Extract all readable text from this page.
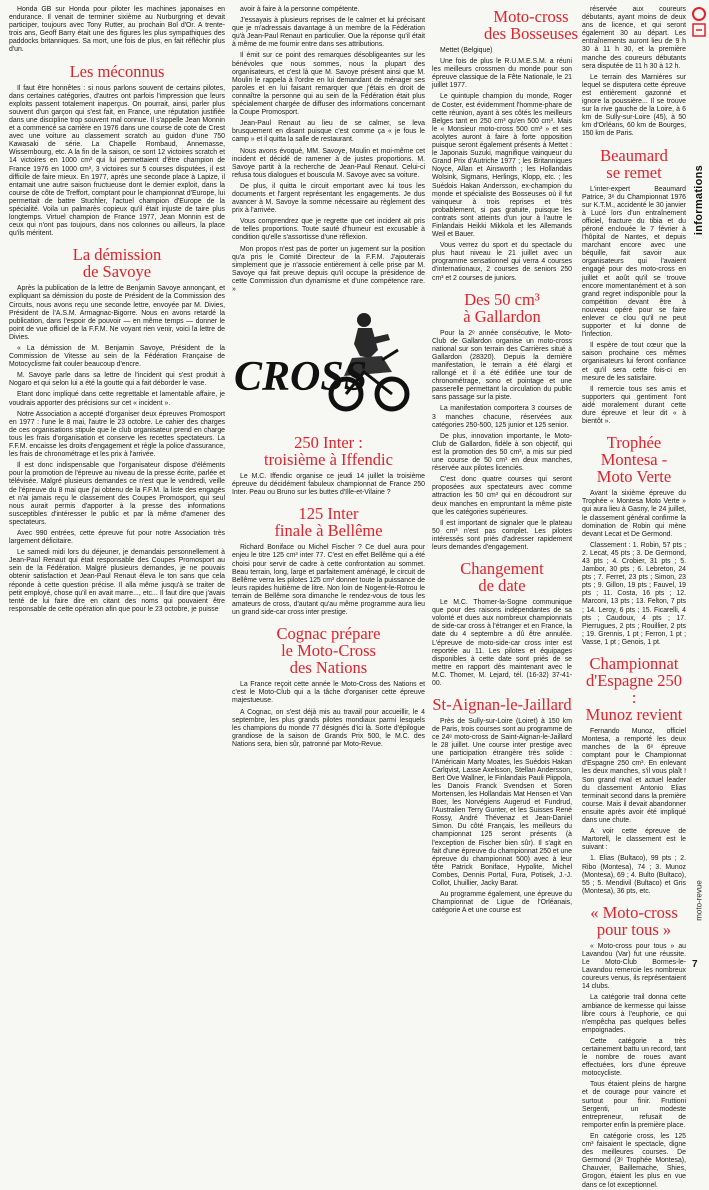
Honda GB sur Honda pour piloter les machines japonaises en endurance. Il venait de terminer sixième au Nurburgring et devait participer, toujours avec Tony Rutter, au prochain Bol d'Or. A trente-trois ans, Geoff Barry était une des figures les plus sympathiques des paddocks britanniques. Sa mort, une fois de plus, en fait réfléchir plus d'un.

Les méconnus

Il faut être honnêtes : si nous parlons souvent de certains pilotes, dans certaines catégories, d'autres ont parfois l'impression que leurs exploits passent totalement inaperçus. On pourrait, ainsi, parler plus souvent d'un garçon qui s'est fait, en France, une réputation justifiée dans une discipline trop souvent mal connue. Il s'appelle Jean Monnin et a commencé sa carrière en 1976 dans une course de cote de Crest avec une voiture au classement scratch au guidon d'une 750 Kawasaki de série. La Chapelle Rombaud, Annemasse, Wissembourg, etc. A la fin de la saison, ce sont 12 victoires scratch et 14 victoires en 1000 cm³ qui lui permettaient d'être champion de France 1976 en 1000 cm³, 3 victoires sur 5 courses disputées, il est difficile de faire mieux. En 1977, après une seconde place à Lapize, il entamait une autre saison fructueuse dont le dernier exploit, dans la course de côte de Treffort, comptant pour le championnat d'Europe, lui permettait de battre Stuchler, l'actuel champion d'Europe de la spécialité. Voila un palmarès copieux qu'il était injuste de taire plus longtemps. Virtuel champion de France 1977, Jean Monnin est de ceux qui n'ont pas toujours, dans nos colonnes ou ailleurs, la place qu'ils méritent.

La démission
de Savoye

Après la publication de la lettre de Benjamin Savoye annonçant, et expliquant sa démission du poste de Président de la Commission des Circuits, nous avons reçu une seconde lettre, envoyée par M. Divies, Président de l'A.S.M. Armagnac-Bigorre. Nous en avons retardé la publication, dans l'espoir de pouvoir — en même temps — donner le point de vue officiel de la F.F.M. Ne voyant rien venir, voici la lettre de Divies.

« La démission de M. Benjamin Savoye, Président de la Commission de Vitesse au sein de la Fédération Française de Motocyclisme fait couler beaucoup d'encre.

M. Savoye parle dans sa lettre de l'incident qui s'est produit à Nogaro et qui selon lui a été la goutte qui a fait déborder le vase.

Etant donc impliqué dans cette regrettable et lamentable affaire, je voudrais apporter des précisions sur cet « incident ».

Notre Association a accepté d'organiser deux épreuves Promosport en 1977 : l'une le 8 mai, l'autre le 23 octobre. Le cahier des charges de ces organisations stipule que le club organisateur prend en charge tous les frais d'organisation et conserve les recettes spectateurs. La F.F.M. encaisse les droits d'engagement et règle la police d'assurance, les frais de chronométrage et les prix à l'arrivée.

Il est donc indispensable que l'organisateur dispose d'éléments pour la promotion de l'épreuve au niveau de la presse écrite, parlée et télévisée. Malgré plusieurs demandes ce n'est que le vendredi, veille de l'épreuve du 8 mai que j'ai obtenu de la F.F.M. la liste des engagés et n'ai jamais reçu le classement des Coupes Promosport, qui seul nous aurait permis d'apporter à la presse des informations susceptibles d'intéresser le public et par là même d'amener des spectateurs.

Avec 990 entrées, cette épreuve fut pour notre Association très largement déficitaire.

Le samedi midi lors du déjeuner, je demandais personnellement à Jean-Paul Renaut qui était responsable des Coupes Promosport au sein de la Fédération. Malgré plusieurs demandes, je ne pouvais obtenir satisfaction et Jean-Paul Renaut éleva le ton sans que cela réponde à cette question précise. Il alla même jusqu'à se traiter de petit employé, chose qu'il en avait marre..., etc... Il faut dire que j'avais tenté de lui faire dire en citant des noms qui pouvaient être responsable de cette opération afin que pour le 23 octobre, je puisse

avoir à faire à la personne compétente.

J'essayais à plusieurs reprises de le calmer et lui précisant que je m'adressais davantage à un membre de la Fédération qu'à Jean-Paul Renaut en particulier. Oue la réponse qu'il était à même de me fournir entre dans ses attributions.

Il émit sur ce point des remarques désobligeantes sur les bénévoles que nous sommes, nous la plupart des organisateurs, et c'est là que M. Savoye présent ainsi que M. Moulin le rappela à l'ordre en lui demandant de ménager ses paroles et en lui faisant remarquer que j'étais en droit de connaître la personne qui au sein de la Fédération était plus spécialement chargée de diffuser des informations concernant la Coupe Promosport.

Jean-Paul Renaut au lieu de se calmer, se leva brusquement en disant puisque c'est comme ça « je fous le camp » et il quitta la salle de restaurant.

Nous avons évoqué, MM. Savoye, Moulin et moi-même cet incident et décidé de ramener à de justes proportions. M. Savoye partit à la recherche de Jean-Paul Renaut. Celui-ci refusa tous dialogues et bousculа M. Savoye avec sa voiture.

De plus, il quitta le circuit emportant avec lui tous les documents et l'argent représentant les engagements. Je dus avancer à M. Savoye la somme nécessaire au règlement des prix à l'arrivée.

Vous comprendrez que je regrette que cet incident ait pris de telles proportions. Toute sauté d'humeur est excusable à condition qu'elle s'assortisse d'une réflexion.

Mon propos n'est pas de porter un jugement sur la position qu'a pris le Comité Directeur de la F.F.M. J'ajouterais simplement que je n'associe entièrement à celle prise par M. Savoye qui fait preuve depuis qu'il occupe la présidence de cette Commission d'un dynamisme et d'une compétence rare. »

CROSS
250 Inter :
troisième à Iffendic

Le M.C. Iffendic organise ce jeudi 14 juillet la troisième épreuve du décidément fabuleux championnat de France 250 Inter. Peau ou Bruno sur les buttes d'Ille-et-Vilaine ?

125 Inter
finale à Bellême

Richard Boniface ou Michel Fischer ? Ce duel aura pour enjeu le titre 125 cm³ inter 77. C'est en effet Bellême qui a été choisi pour servir de cadre à cette confrontation au sommet. Beau terrain, long, large et parfaitement aménagé, le circuit de Bellême verra les pilotes 125 cm³ donner toute la puissance de leurs rapides huitième de litre. Non loin de Nogent-le-Rotrou le terrain de Bellême sora dimanche le rendez-vous de tous les amateurs de cross, d'autant qu'au même programme aura lieu un grand side-car cross inter prestige.

Cognac prépare
le Moto-Cross
des Nations

La France reçoit cette année le Moto-Cross des Nations et c'est le Moto-Club qui a la tâche d'organiser cette épreuve majestueuse.

A Cognac, on s'est déjà mis au travail pour accueillir, le 4 septembre, les plus grands pilotes mondiaux parmi lesquels les champions du monde 77 désignés d'ici là. Sorte d'épilogue grandiose de la saison de Grands Prix 500, le M.C. des Nations sera, bien sûr, patronné par Moto-Revue.

Moto-cross
des Bosseuses

Mettet (Belgique)

Une fois de plus le R.U.M.E.S.M. a réuni les meilleurs crossmen du monde pour son épreuve classique de la Fête Nationale, le 21 juillet 1977.

Le quintuple champion du monde, Roger de Coster, est évidemment l'homme-phare de cette réunion, ayant à ses côtés les meilleurs Belges tant en 250 cm³ qu'en 500 cm³. Mais le « Monsieur moto-cross 500 cm³ » et ses acolytes auront à faire à forte opposition puisque seront également présents à Mettet : le Japonais Suzuki, magnifique vainqueur du Grand Prix d'Autriche 1977 ; les Britanniques Noyce, Allan et Ainsworth ; les Hollandais Wolsink, Sigmans, Herlings, Klopp, etc. ; les Suédois Hakan Andersson, ex-champion du monde et spécialiste des Bosseuses où il fut vainqueur à trois reprises et très probablement, si pas gratuite, puisque les contrats sont atteints d'un jour à l'autre le Finlandais Heikki Mikkola et les Allemands Weil et Bauer.

Vous verrez du sport et du spectacle du plus haut niveau le 21 juillet avec un programme sensationnel qui verra 4 courses d'internationaux, 2 courses de seniors 250 cm³ et 2 courses de juniors.

Des 50 cm³
à Gallardon

Pour la 2ᵉ année consécutive, le Moto-Club de Gallardon organise un moto-cross national sur son terrain des Carrières situé à Gallardon (28320). Depuis la dernière manifestation, le terrain a été élargi et rallongé et il a été édifiée une tour de chronométrage, sono et pointage et une passerelle permettant la circulation du public sans passage sur la piste.

La manifestation comportera 3 courses de 3 manches chacune, réservées aux catégories 250-500, 125 junior et 125 senior.

De plus, innovation importante, le Moto-Club de Gallardon, fidèle à son objectif, qui est la promotion des 50 cm³, a mis sur pied une course de 50 cm³ en deux manches, réservée aux pilotes licenciés.

C'est donc quatre courses qui seront proposées aux spectateurs avec comme attraction les 50 cm³ qui en découdront sur deux manches en empruntant la même piste que les catégories supérieures.

Il est important de signaler que le plateau 50 cm³ n'est pas complet. Les pilotes intéressés sont priés d'adresser rapidement leurs demandes d'engagement.

Changement
de date

Le M.C. Thomer-la-Sogne communique que pour des raisons indépendantes de sa volonté et dues aux nombreux championnats de side-car cross à l'étranger et en France, la date du 4 septembre a dû être annulée. L'épreuve de moto-side-car cross inter est reportée au 11. Les pilotes et équipages disponibles à cette date sont priés de se mettre en rapport dès maintenant avec le M.C. Thomer, M. Lejard, tél. (16-32) 37-41-00.

St-Aignan-le-Jaillard

Près de Sully-sur-Loire (Loiret) à 150 km de Paris, trois courses sont au programme de ce 24ᵉ moto-cross de Saint-Aignan-le-Jaillard le 28 juillet. Une course inter prestige avec une participation étrangère très solide : l'Américain Marty Moates, les Suédois Hakan Carlqvist, Lasse Axelsson, Stellan Andersson, Bert Ove Wallner, le Finlandais Pauli Piippola, les Danois Franck Svendsen et Soren Mortensen, les Hollandais Mat Hensen et Van Boer, les Norvégiens Augerud et Fundrud, l'Australien Terry Gunter, et les Suisses René Rossy, André Thévenaz et Jean-Daniel Simon. Du côté Français, les meilleurs du championnat 125 seront présents (à l'exception de Fischer bien sûr). Il s'agit en fait d'une épreuve du championnat 250 et une épreuve du championnat 500) avec à leur tête Patrick Boniface, Hypolite, Michel Combes, Dennis Portal, Fura, Potisek, J.-J. Collot, Lhuillier, Jacky Barat.

Au programme également, une épreuve du Championnat de Ligue de l'Orléanais, catégorie A et une course est

réservée aux coureurs débutants, ayant moins de deux ans de licence, et qui seront également 30 au départ. Les entraînements auront lieu de 9 h 30 à 11 h 30, et la première manche des coureurs débutants sera disputée de 11 h 30 à 12 h.

Le terrain des Marnières sur lequel se disputera cette épreuve est entièrement gazonné et ignore la poussière... Il se trouve sur la rive gauche de la Loire, à 6 km de Sully-sur-Loire (45), à 50 km d'Orléans, 60 km de Bourges, 150 km de Paris.

Beaumard
se remet

L'inter-expert Beaumard Patrice, 3ᵉ du Championnat 1976 sur K.T.M., accidenté le 30 janvier à Lucé lors d'un entraînement officiel, fracture du tibia et du péroné enclouée le 7 février à l'hôpital de Nantes, et depuis marchant encore avec une béquille, fait savoir aux organisateurs qui l'avaient engagé pour des moto-cross en juillet et août qu'il se trouve encore momentanément et à son grand regret indisponible pour la compétition devant être à nouveau opéré pour se faire enlever ce clou qu'il ne peut supporter et lui donne de l'infection.

Il espère de tout cœur que la saison prochaine ces mêmes organisateurs lui feront confiance et qu'il sera cette fois-ci en mesure de les satisfaire.

Il remercie tous ses amis et supporters qui gentiment l'ont aidé moralement durant cette dure épreuve et leur dit « à bientôt ».

Trophée
Montesa - Moto Verte

Avant la sixième épreuve du Trophée « Montesa Moto Verte » qui aura lieu à Gasny, le 24 juillet, le classement général confirme la domination de Robin qui mène devant Lecat et De Germond.

Classement : 1. Robin, 57 pts ; 2. Lecat, 45 pts ; 3. De Germond, 43 pts ; 4. Crobier, 31 pts ; 5. Jambor, 30 pts ; 6. Lebreton, 24 pts ; 7. Ferret, 23 pts ; Simon, 23 pts ; 9. Gillon, 19 pts ; Fauvel, 19 pts ; 11. Costa, 16 pts ; 12. Marconi, 13 pts ; 13. Felton, 7 pts ; 14. Leroy, 6 pts ; 15. Ficarelli, 4 pts ; Caudoux, 4 pts ; 17. Pierrugues, 2 pts ; Rouillier, 2 pts ; 19. Grennis, 1 pt ; Ferron, 1 pt ; Vasse, 1 pt ; Genois, 1 pt.

Championnat
d'Espagne 250 :
Munoz revient

Fernando Munoz, officiel Montesa, a remporté les deux manches de la 6ᵉ épreuve comptant pour le Championnat d'Espagne 250 cm³. En enlevant les deux manches, s'il vous plaît ! Son grand rival et actuel leader du classement Antonio Elias terminait second dans la première course. Mais il devait abandonner ensuite après avoir été impliqué dans une chute.

A voir cette épreuve de Martorell, le classement est le suivant :

1. Elias (Bultaco), 99 pts ; 2. Ribo (Montesa), 74 ; 3. Munoz (Montesa), 69 ; 4. Bulto (Bultaco), 55 ; 5. Mendivil (Bultaco) et Gris (Montesa), 36 pts, etc.

« Moto-cross
pour tous »

« Moto-cross pour tous » au Lavandou (Var) fut une réussite. Le Moto-Club Bormes-le-Lavandou remercie les nombreux coureurs venus, ils représentaient 14 clubs.

La catégorie trail donna cette ambiance de kermesse qui laisse libre cours à l'euphorie, ce qui n'empêcha pas quelques belles empoignades.

Cette catégorie a très certainement battu un record, tant le nombre de roues avant effectuées, lors d'une épreuve motocycliste.

Tous étaient pleins de hargne et de courage pour vaincre et surtout pour finir. Fruttioni Sergenti, un modeste entrepreneur, refusait de remporter enfin la première place.

En catégorie cross, les 125 cm³ faisaient le spectacle, digne des meilleures courses. De Germond (3ᵉ Trophée Montesa), Chauvier, Baillemache, Shies, Grogon, étaient les plus en vue dans ce lot exceptionnel.

informations
moto-revue
7
